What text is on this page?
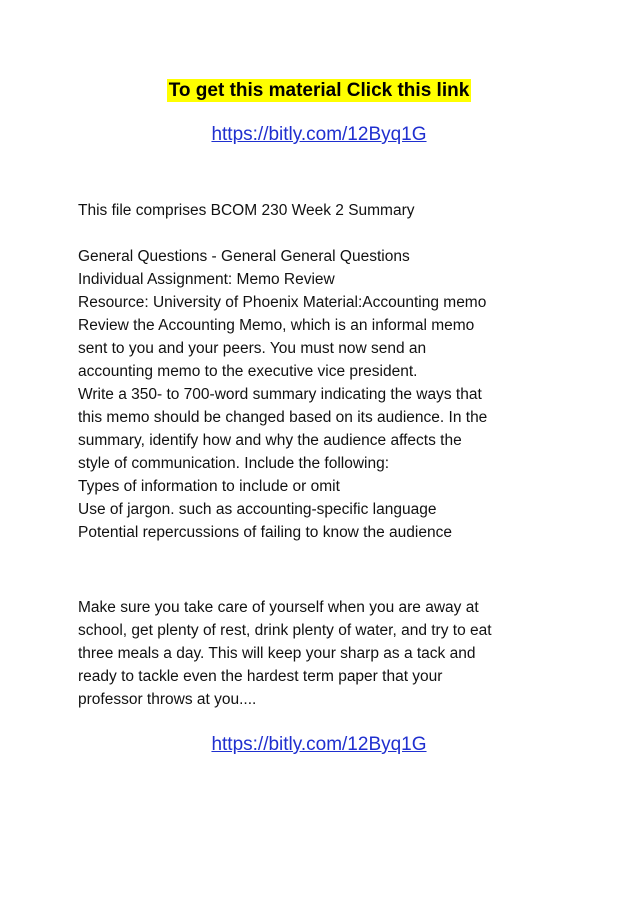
To get this material Click this link
https://bitly.com/12Byq1G
This file comprises BCOM 230 Week 2 Summary
General Questions - General General Questions
Individual Assignment: Memo Review
Resource: University of Phoenix Material:Accounting memo
Review the Accounting Memo, which is an informal memo
sent to you and your peers. You must now send an
accounting memo to the executive vice president.
Write a 350- to 700-word summary indicating the ways that
this memo should be changed based on its audience. In the
summary, identify how and why the audience affects the
style of communication. Include the following:
Types of information to include or omit
Use of jargon. such as accounting-specific language
Potential repercussions of failing to know the audience
Make sure you take care of yourself when you are away at
school, get plenty of rest, drink plenty of water, and try to eat
three meals a day. This will keep your sharp as a tack and
ready to tackle even the hardest term paper that your
professor throws at you....
https://bitly.com/12Byq1G
